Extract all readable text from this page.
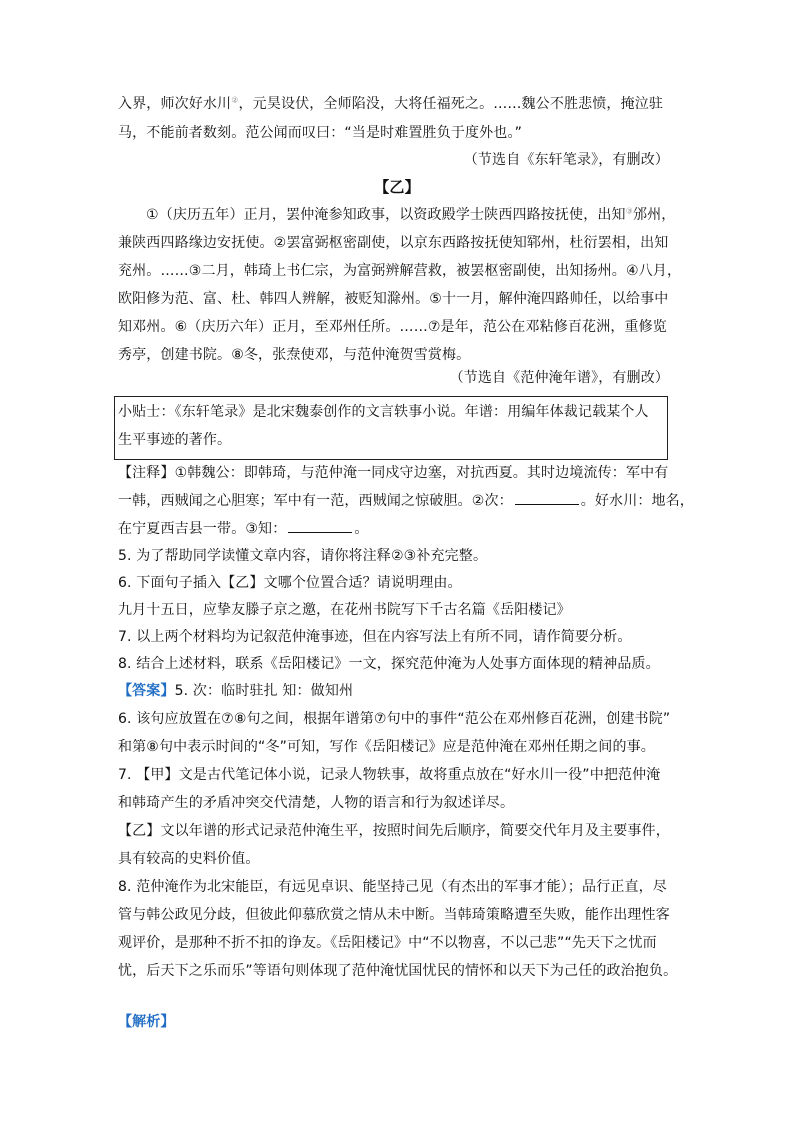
入界，师次好水川②，元昊设伏，全师陷没，大将任福死之。……魏公不胜悲愤，掩泣驻
马，不能前者数刻。范公闻而叹曰：“当是时难置胜负于度外也。”
（节选自《东轩笔录》，有删改）
【乙】
①（庆历五年）正月，罢仲淹参知政事，以资政殿学士陕西四路按抚使，出知③邠州，
兼陕西四路缘边安抚使。②罢富弼枢密副使，以京东西路按抚使知郓州，杜衍罢相，出知
兖州。……③二月，韩琦上书仁宗，为富弼辨解营救，被罢枢密副使，出知扬州。④八月，
欧阳修为范、富、杜、韩四人辨解，被贬知滁州。⑤十一月，解仲淹四路帅任，以给事中
知邓州。⑥（庆历六年）正月，至邓州任所。……⑦是年，范公在邓粘修百花洲，重修览
秀亭，创建书院。⑧冬，张焘使邓，与范仲淹贺雪赏梅。
（节选自《范仲淹年谱》，有删改）
小贴士：《东轩笔录》是北宋魏泰创作的文言轶事小说。年谱：用编年体裁记载某个人
生平事迹的著作。
【注释】①韩魏公：即韩琦，与范仲淹一同戍守边塞，对抗西夏。其时边境流传：军中有
一韩，西贼闻之心胆寒；军中有一范，西贼闻之惊破胆。②次：	。好水川：地名，
在宁夏西吉县一带。③知：	。
5. 为了帮助同学读懂文章内容，请你将注释②③补充完整。
6. 下面句子插入【乙】文哪个位置合适？请说明理由。
九月十五日，应挚友滕子京之邀，在花州书院写下千古名篇《岳阳楼记》
7. 以上两个材料均为记叙范仲淹事迹，但在内容写法上有所不同，请作简要分析。
8. 结合上述材料，联系《岳阳楼记》一文，探究范仲淹为人处事方面体现的精神品质。
【答案】5. 次：临时驻扎 知：做知州
6. 该句应放置在⑦⑧句之间，根据年谱第⑦句中的事件“范公在邓州修百花洲，创建书院”
和第⑧句中表示时间的“冬”可知，写作《岳阳楼记》应是范仲淹在邓州任期之间的事。
7. 【甲】文是古代笔记体小说，记录人物轶事，故将重点放在“好水川一役”中把范仲淹
和韩琦产生的矛盾冲突交代清楚，人物的语言和行为叙述详尽。
【乙】文以年谱的形式记录范仲淹生平，按照时间先后顺序，简要交代年月及主要事件，
具有较高的史料价值。
8. 范仲淹作为北宋能臣，有远见卓识、能坚持己见（有杰出的军事才能）；品行正直，尽
管与韩公政见分歧，但彼此仰慕欣赏之情从未中断。当韩琦策略遭至失败，能作出理性客
观评价，是那种不折不扣的诤友。《岳阳楼记》中“不以物喜，不以己悲”“先天下之忧而
忧，后天下之乐而乐”等语句则体现了范仲淹忧国忧民的情怀和以天下为己任的政治抱负。
【解析】
